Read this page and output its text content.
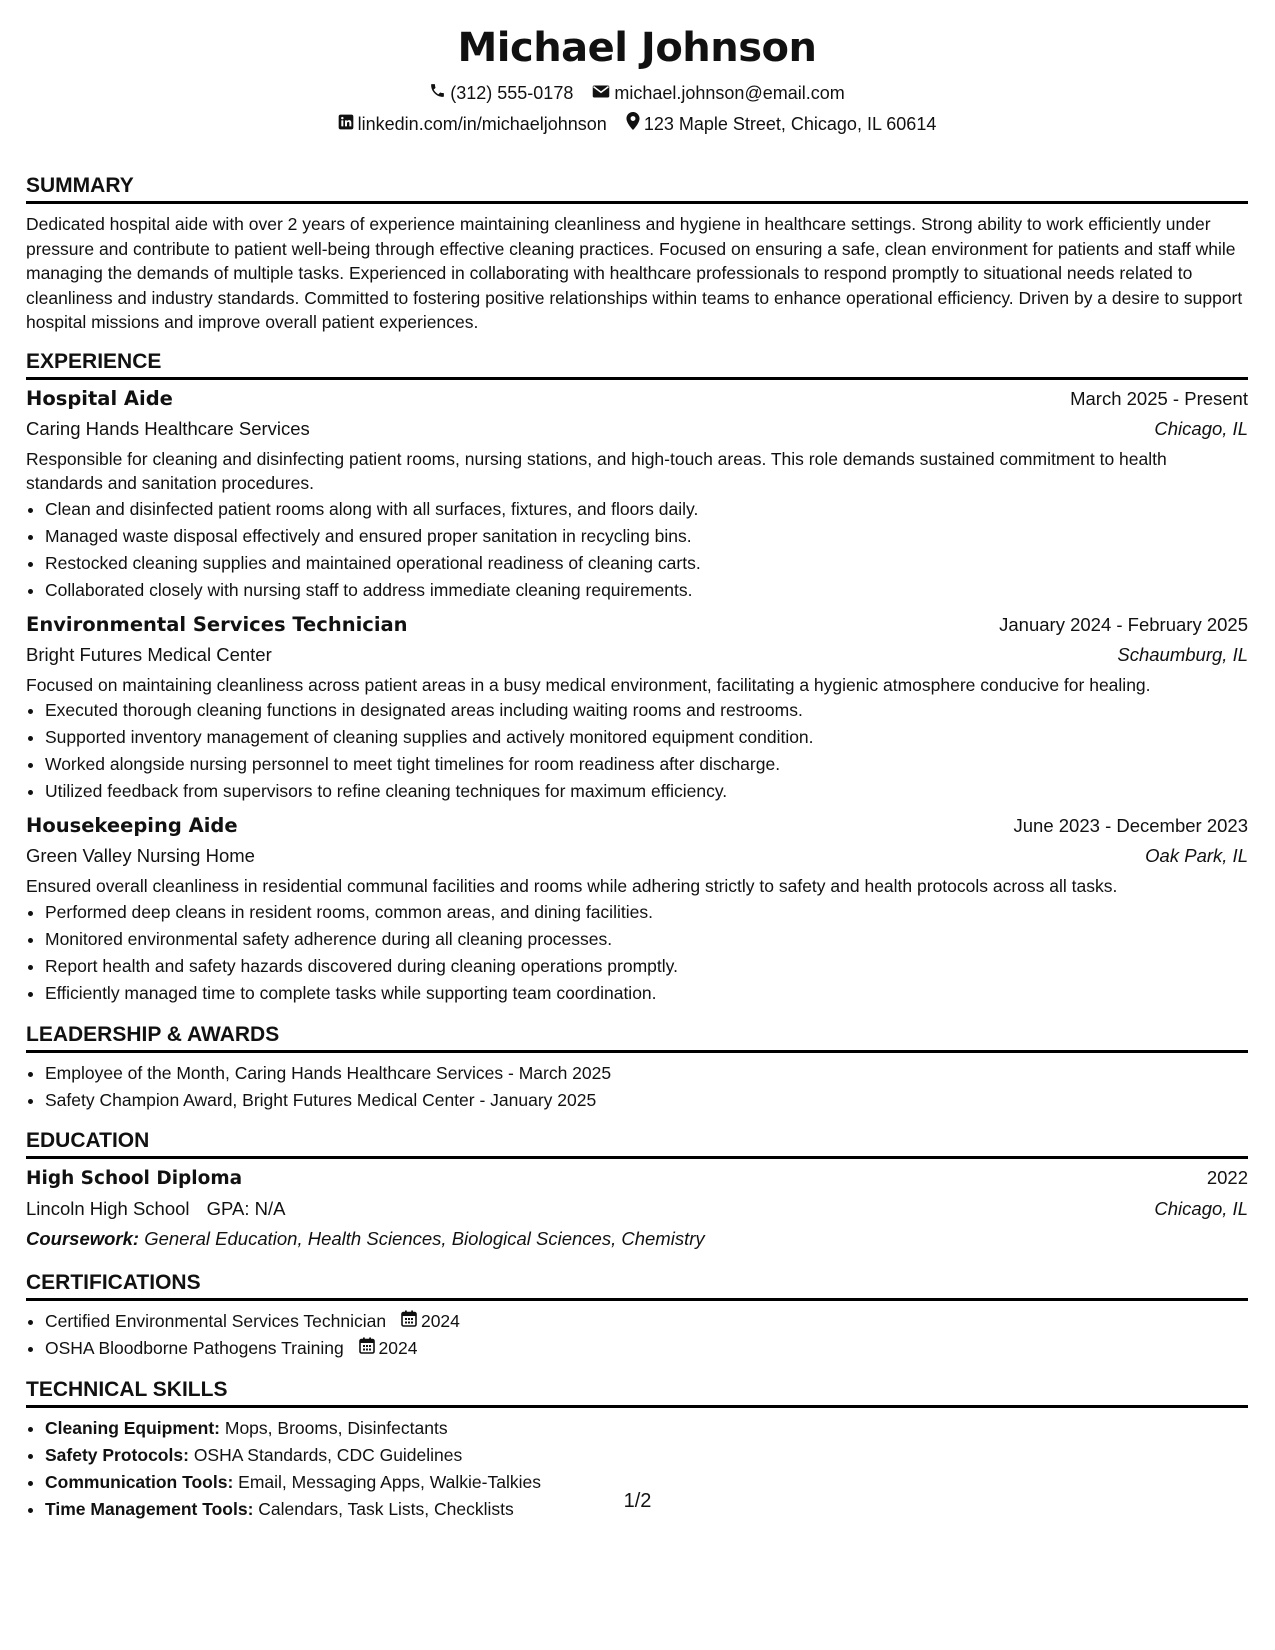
Michael Johnson
(312) 555-0178
michael.johnson@email.com
linkedin.com/in/michaeljohnson
123 Maple Street, Chicago, IL 60614
SUMMARY
Dedicated hospital aide with over 2 years of experience maintaining cleanliness and hygiene in healthcare settings. Strong ability to work efficiently under pressure and contribute to patient well-being through effective cleaning practices. Focused on ensuring a safe, clean environment for patients and staff while managing the demands of multiple tasks. Experienced in collaborating with healthcare professionals to respond promptly to situational needs related to cleanliness and industry standards. Committed to fostering positive relationships within teams to enhance operational efficiency. Driven by a desire to support hospital missions and improve overall patient experiences.
EXPERIENCE
Hospital Aide	March 2025 - Present
Caring Hands Healthcare Services	Chicago, IL
Responsible for cleaning and disinfecting patient rooms, nursing stations, and high-touch areas. This role demands sustained commitment to health standards and sanitation procedures.
• Clean and disinfected patient rooms along with all surfaces, fixtures, and floors daily.
• Managed waste disposal effectively and ensured proper sanitation in recycling bins.
• Restocked cleaning supplies and maintained operational readiness of cleaning carts.
• Collaborated closely with nursing staff to address immediate cleaning requirements.
Environmental Services Technician	January 2024 - February 2025
Bright Futures Medical Center	Schaumburg, IL
Focused on maintaining cleanliness across patient areas in a busy medical environment, facilitating a hygienic atmosphere conducive for healing.
• Executed thorough cleaning functions in designated areas including waiting rooms and restrooms.
• Supported inventory management of cleaning supplies and actively monitored equipment condition.
• Worked alongside nursing personnel to meet tight timelines for room readiness after discharge.
• Utilized feedback from supervisors to refine cleaning techniques for maximum efficiency.
Housekeeping Aide	June 2023 - December 2023
Green Valley Nursing Home	Oak Park, IL
Ensured overall cleanliness in residential communal facilities and rooms while adhering strictly to safety and health protocols across all tasks.
• Performed deep cleans in resident rooms, common areas, and dining facilities.
• Monitored environmental safety adherence during all cleaning processes.
• Report health and safety hazards discovered during cleaning operations promptly.
• Efficiently managed time to complete tasks while supporting team coordination.
LEADERSHIP & AWARDS
• Employee of the Month, Caring Hands Healthcare Services - March 2025
• Safety Champion Award, Bright Futures Medical Center - January 2025
EDUCATION
High School Diploma	2022
Lincoln High School GPA: N/A	Chicago, IL
Coursework: General Education, Health Sciences, Biological Sciences, Chemistry
CERTIFICATIONS
• Certified Environmental Services Technician 2024
• OSHA Bloodborne Pathogens Training 2024
TECHNICAL SKILLS
• Cleaning Equipment: Mops, Brooms, Disinfectants
• Safety Protocols: OSHA Standards, CDC Guidelines
• Communication Tools: Email, Messaging Apps, Walkie-Talkies
• Time Management Tools: Calendars, Task Lists, Checklists	1/2
